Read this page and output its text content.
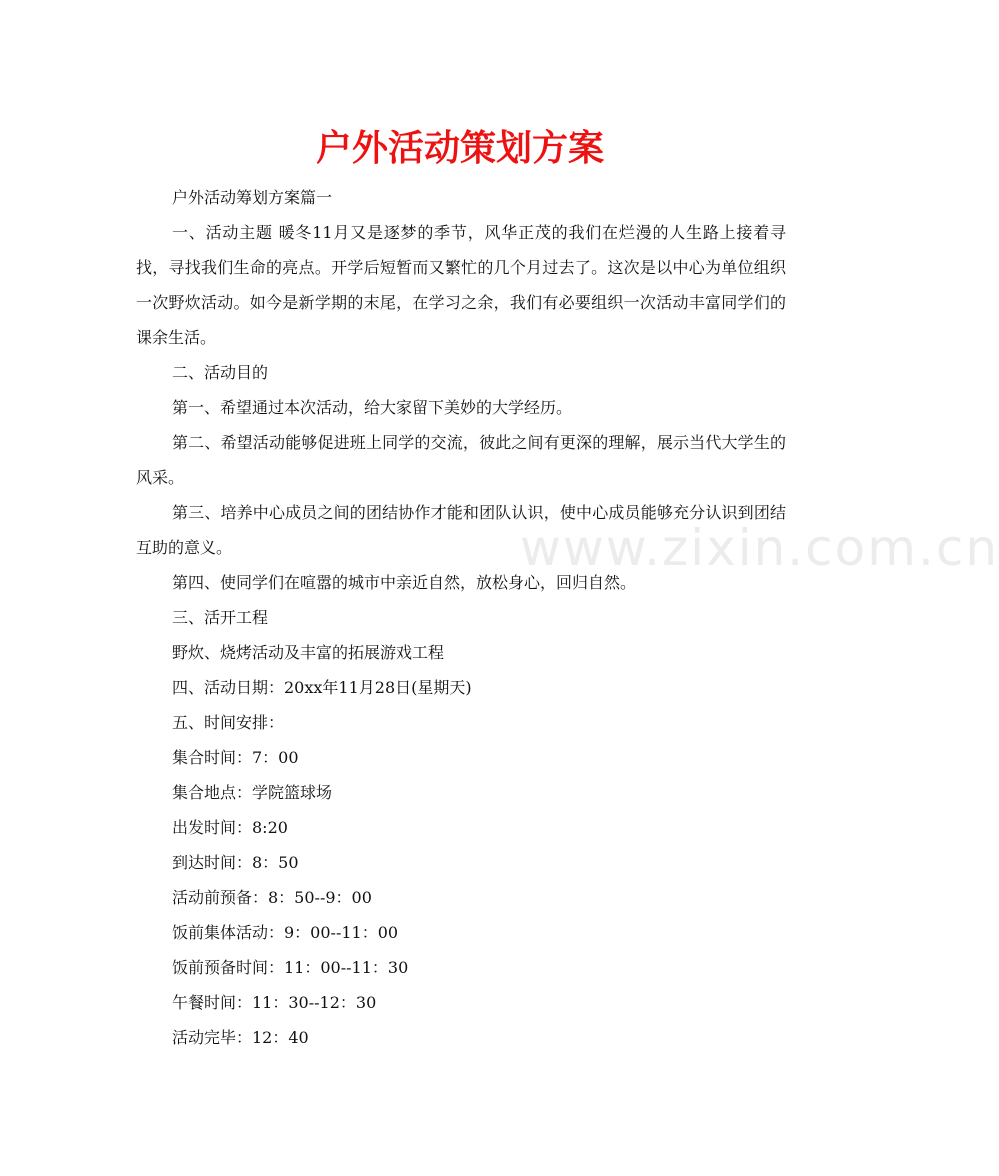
www.zixin.com.cn
户外活动策划方案

户外活动筹划方案篇一

一、活动主题 暖冬11月又是逐梦的季节，风华正茂的我们在烂漫的人生路上接着寻找，寻找我们生命的亮点。开学后短暂而又繁忙的几个月过去了。这次是以中心为单位组织一次野炊活动。如今是新学期的末尾，在学习之余，我们有必要组织一次活动丰富同学们的课余生活。

二、活动目的

第一、希望通过本次活动，给大家留下美妙的大学经历。

第二、希望活动能够促进班上同学的交流，彼此之间有更深的理解，展示当代大学生的风采。

第三、培养中心成员之间的团结协作才能和团队认识，使中心成员能够充分认识到团结互助的意义。

第四、使同学们在喧嚣的城市中亲近自然，放松身心，回归自然。

三、活开工程

野炊、烧烤活动及丰富的拓展游戏工程

四、活动日期：20xx年11月28日(星期天)

五、时间安排：

集合时间：7：00

集合地点：学院篮球场

出发时间：8:20

到达时间：8：50

活动前预备：8：50--9：00

饭前集体活动：9：00--11：00

饭前预备时间：11：00--11：30

午餐时间：11：30--12：30

活动完毕：12：40
